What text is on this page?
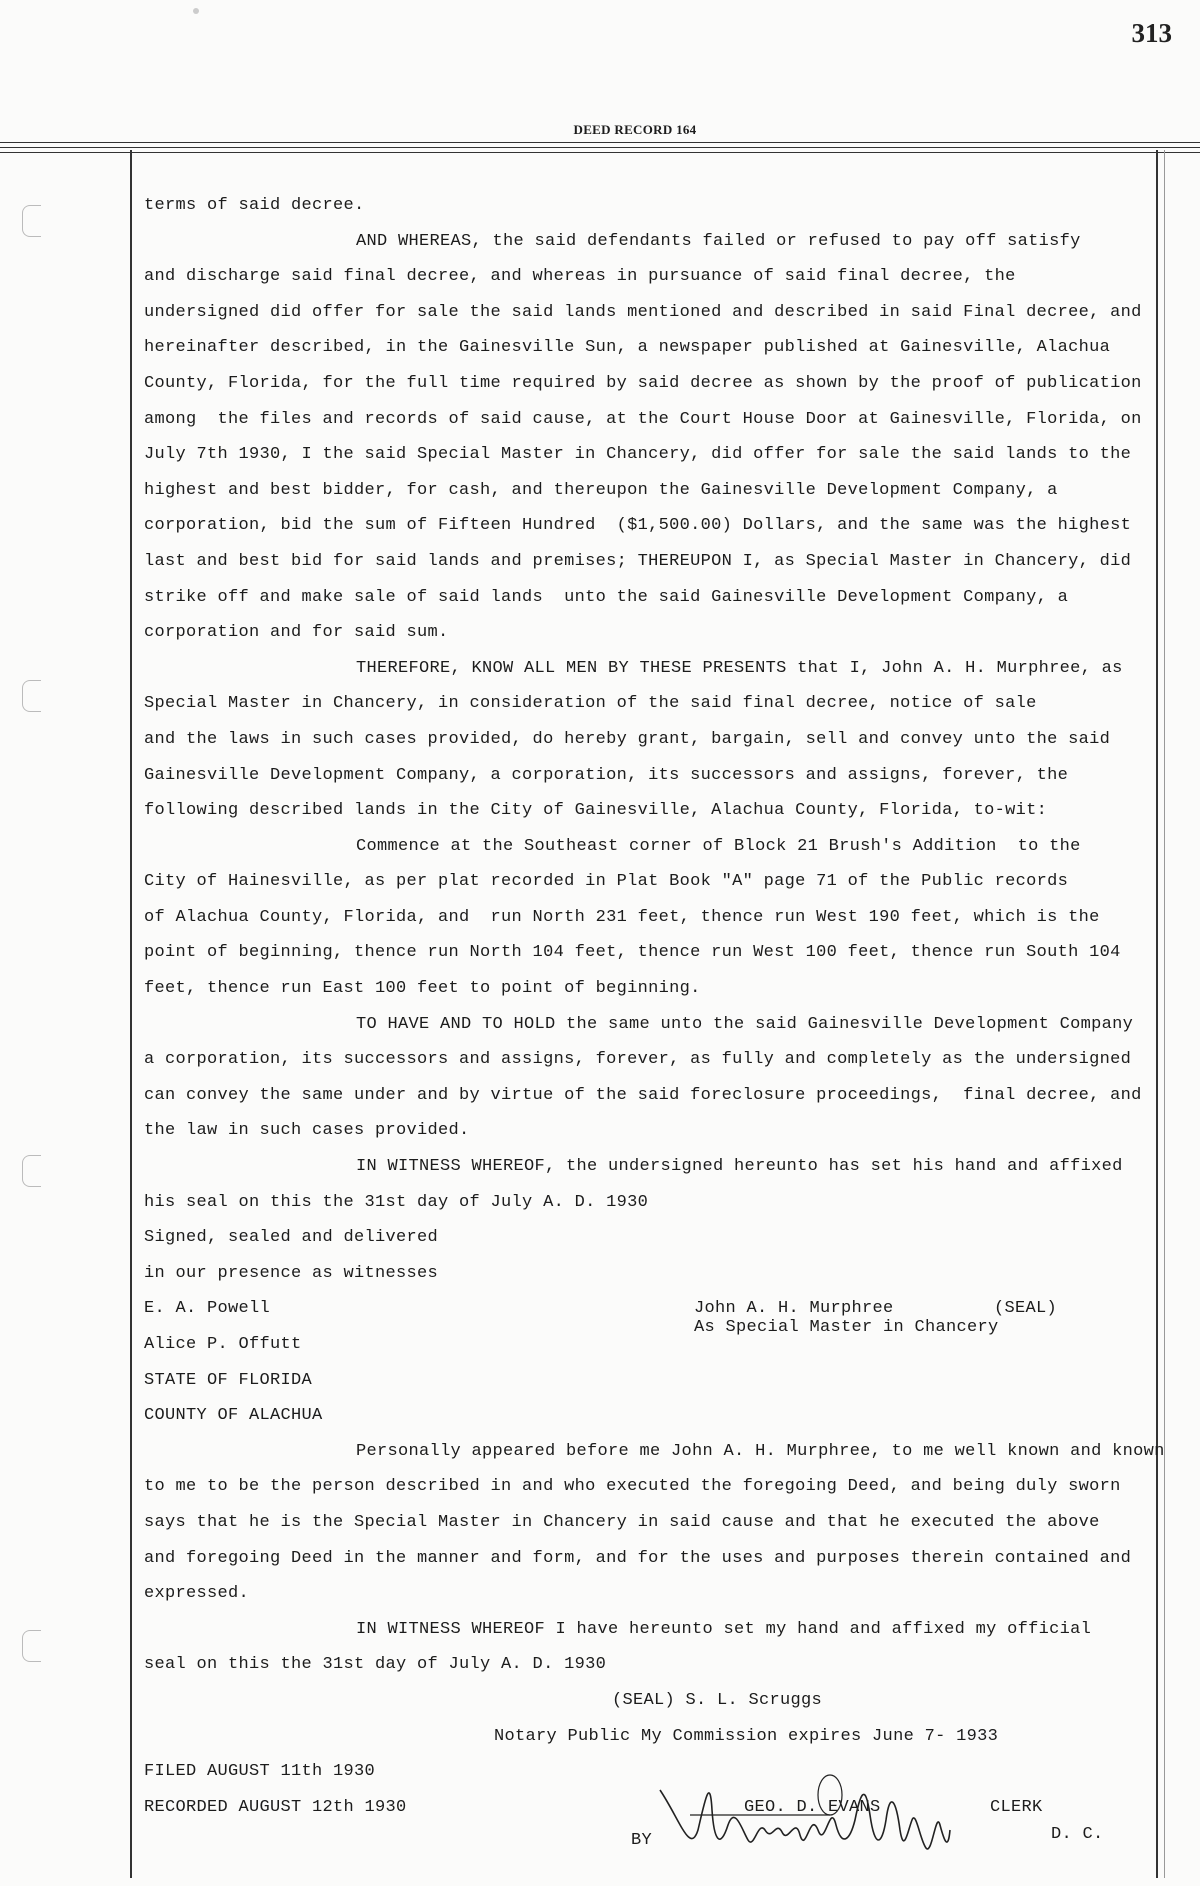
313
DEED RECORD 164
terms of said decree.
AND WHEREAS, the said defendants failed or refused to pay off satisfy
and discharge said final decree, and whereas in pursuance of said final decree, the
undersigned did offer for sale the said lands mentioned and described in said Final decree, and
hereinafter described, in the Gainesville Sun, a newspaper published at Gainesville, Alachua
County, Florida, for the full time required by said decree as shown by the proof of publication
among  the files and records of said cause, at the Court House Door at Gainesville, Florida, on
July 7th 1930, I the said Special Master in Chancery, did offer for sale the said lands to the
highest and best bidder, for cash, and thereupon the Gainesville Development Company, a
corporation, bid the sum of Fifteen Hundred  ($1,500.00) Dollars, and the same was the highest
last and best bid for said lands and premises; THEREUPON I, as Special Master in Chancery, did
strike off and make sale of said lands  unto the said Gainesville Development Company, a
corporation and for said sum.
THEREFORE, KNOW ALL MEN BY THESE PRESENTS that I, John A. H. Murphree, as
Special Master in Chancery, in consideration of the said final decree, notice of sale
and the laws in such cases provided, do hereby grant, bargain, sell and convey unto the said
Gainesville Development Company, a corporation, its successors and assigns, forever, the
following described lands in the City of Gainesville, Alachua County, Florida, to-wit:
Commence at the Southeast corner of Block 21 Brush's Addition  to the
City of Hainesville, as per plat recorded in Plat Book "A" page 71 of the Public records
of Alachua County, Florida, and  run North 231 feet, thence run West 190 feet, which is the
point of beginning, thence run North 104 feet, thence run West 100 feet, thence run South 104
feet, thence run East 100 feet to point of beginning.
TO HAVE AND TO HOLD the same unto the said Gainesville Development Company
a corporation, its successors and assigns, forever, as fully and completely as the undersigned
can convey the same under and by virtue of the said foreclosure proceedings,  final decree, and
the law in such cases provided.
IN WITNESS WHEREOF, the undersigned hereunto has set his hand and affixed
his seal on this the 31st day of July A. D. 1930
Signed, sealed and delivered
in our presence as witnesses
E. A. Powell	John A. H. Murphree	(SEAL)
As Special Master in Chancery
Alice P. Offutt
STATE OF FLORIDA
COUNTY OF ALACHUA
Personally appeared before me John A. H. Murphree, to me well known and known
to me to be the person described in and who executed the foregoing Deed, and being duly sworn
says that he is the Special Master in Chancery in said cause and that he executed the above
and foregoing Deed in the manner and form, and for the uses and purposes therein contained and
expressed.
IN WITNESS WHEREOF I have hereunto set my hand and affixed my official
seal on this the 31st day of July A. D. 1930
(SEAL) S. L. Scruggs
Notary Public My Commission expires June 7- 1933
FILED AUGUST 11th 1930
RECORDED AUGUST 12th 1930	GEO. D. EVANS	CLERK
BY	D. C.
